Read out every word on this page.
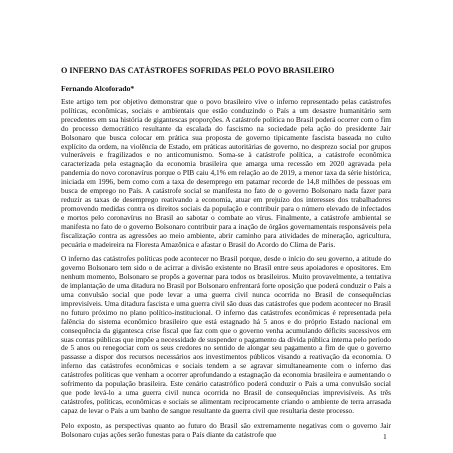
O INFERNO DAS CATÁSTROFES SOFRIDAS PELO POVO BRASILEIRO
Fernando Alcoforado*

Este artigo tem por objetivo demonstrar que o povo brasileiro vive o inferno representado pelas catástrofes políticas, econômicas, sociais e ambientais que estão conduzindo o País a um desastre humanitário sem precedentes em sua história de gigantescas proporções. A catástrofe política no Brasil poderá ocorrer com o fim do processo democrático resultante da escalada do fascismo na sociedade pela ação do presidente Jair Bolsonaro que busca colocar em prática sua proposta de governo tipicamente fascista baseada no culto explícito da ordem, na violência de Estado, em práticas autoritárias de governo, no desprezo social por grupos vulneráveis e fragilizados e no anticomunismo. Soma-se à catástrofe política, a catástrofe econômica caracterizada pela estagnação da economia brasileira que amarga uma recessão em 2020 agravada pela pandemia do novo coronavírus porque o PIB caiu 4,1% em relação ao de 2019, a menor taxa da série histórica, iniciada em 1996, bem como com a taxa de desemprego em patamar recorde de 14,8 milhões de pessoas em busca de emprego no País. A catástrofe social se manifesta no fato de o governo Bolsonaro nada fazer para reduzir as taxas de desemprego reativando a economia, atuar em prejuízo dos interesses dos trabalhadores promovendo medidas contra os direitos sociais da população e contribuir para o número elevado de infectados e mortos pelo coronavírus no Brasil ao sabotar o combate ao vírus. Finalmente, a catástrofe ambiental se manifesta no fato de o governo Bolsonaro contribuir para a inação de órgãos governamentais responsáveis pela fiscalização contra as agressões ao meio ambiente, abrir caminho para atividades de mineração, agricultura, pecuária e madeireira na Floresta Amazônica e afastar o Brasil do Acordo do Clima de Paris.

O inferno das catástrofes políticas pode acontecer no Brasil porque, desde o início do seu governo, a atitude do governo Bolsonaro tem sido o de acirrar a divisão existente no Brasil entre seus apoiadores e opositores. Em nenhum momento, Bolsonaro se propôs a governar para todos os brasileiros. Muito provavelmente, a tentativa de implantação de uma ditadura no Brasil por Bolsonaro enfrentará forte oposição que poderá conduzir o País a uma convulsão social que pode levar a uma guerra civil nunca ocorrida no Brasil de consequências imprevisíveis. Uma ditadura fascista e uma guerra civil são duas das catástrofes que podem acontecer no Brasil no futuro próximo no plano político-institucional. O inferno das catástrofes econômicas é representada pela falência do sistema econômico brasileiro que está estagnado há 5 anos e do próprio Estado nacional em consequência da gigantesca crise fiscal que faz com que o governo venha acumulando déficits sucessivos em suas contas públicas que impõe a necessidade de suspender o pagamento da dívida pública interna pelo período de 5 anos ou renegociar com os seus credores no sentido de alongar seu pagamento a fim de que o governo passasse a dispor dos recursos necessários aos investimentos públicos visando a reativação da economia. O inferno das catástrofes econômicas e sociais tendem a se agravar simultaneamente com o inferno das catástrofes políticas que venham a ocorrer aprofundando a estagnação da economia brasileira e aumentando o sofrimento da população brasileira. Este cenário catastrófico poderá conduzir o País a uma convulsão social que pode levá-lo a uma guerra civil nunca ocorrida no Brasil de consequências imprevisíveis. As três catástrofes, políticas, econômicas e sociais se alimentam reciprocamente criando o ambiente de terra arrasada capaz de levar o País a um banho de sangue resultante da guerra civil que resultaria deste processo.

Pelo exposto, as perspectivas quanto ao futuro do Brasil são extremamente negativas com o governo Jair Bolsonaro cujas ações serão funestas para o País diante da catástrofe que	1
